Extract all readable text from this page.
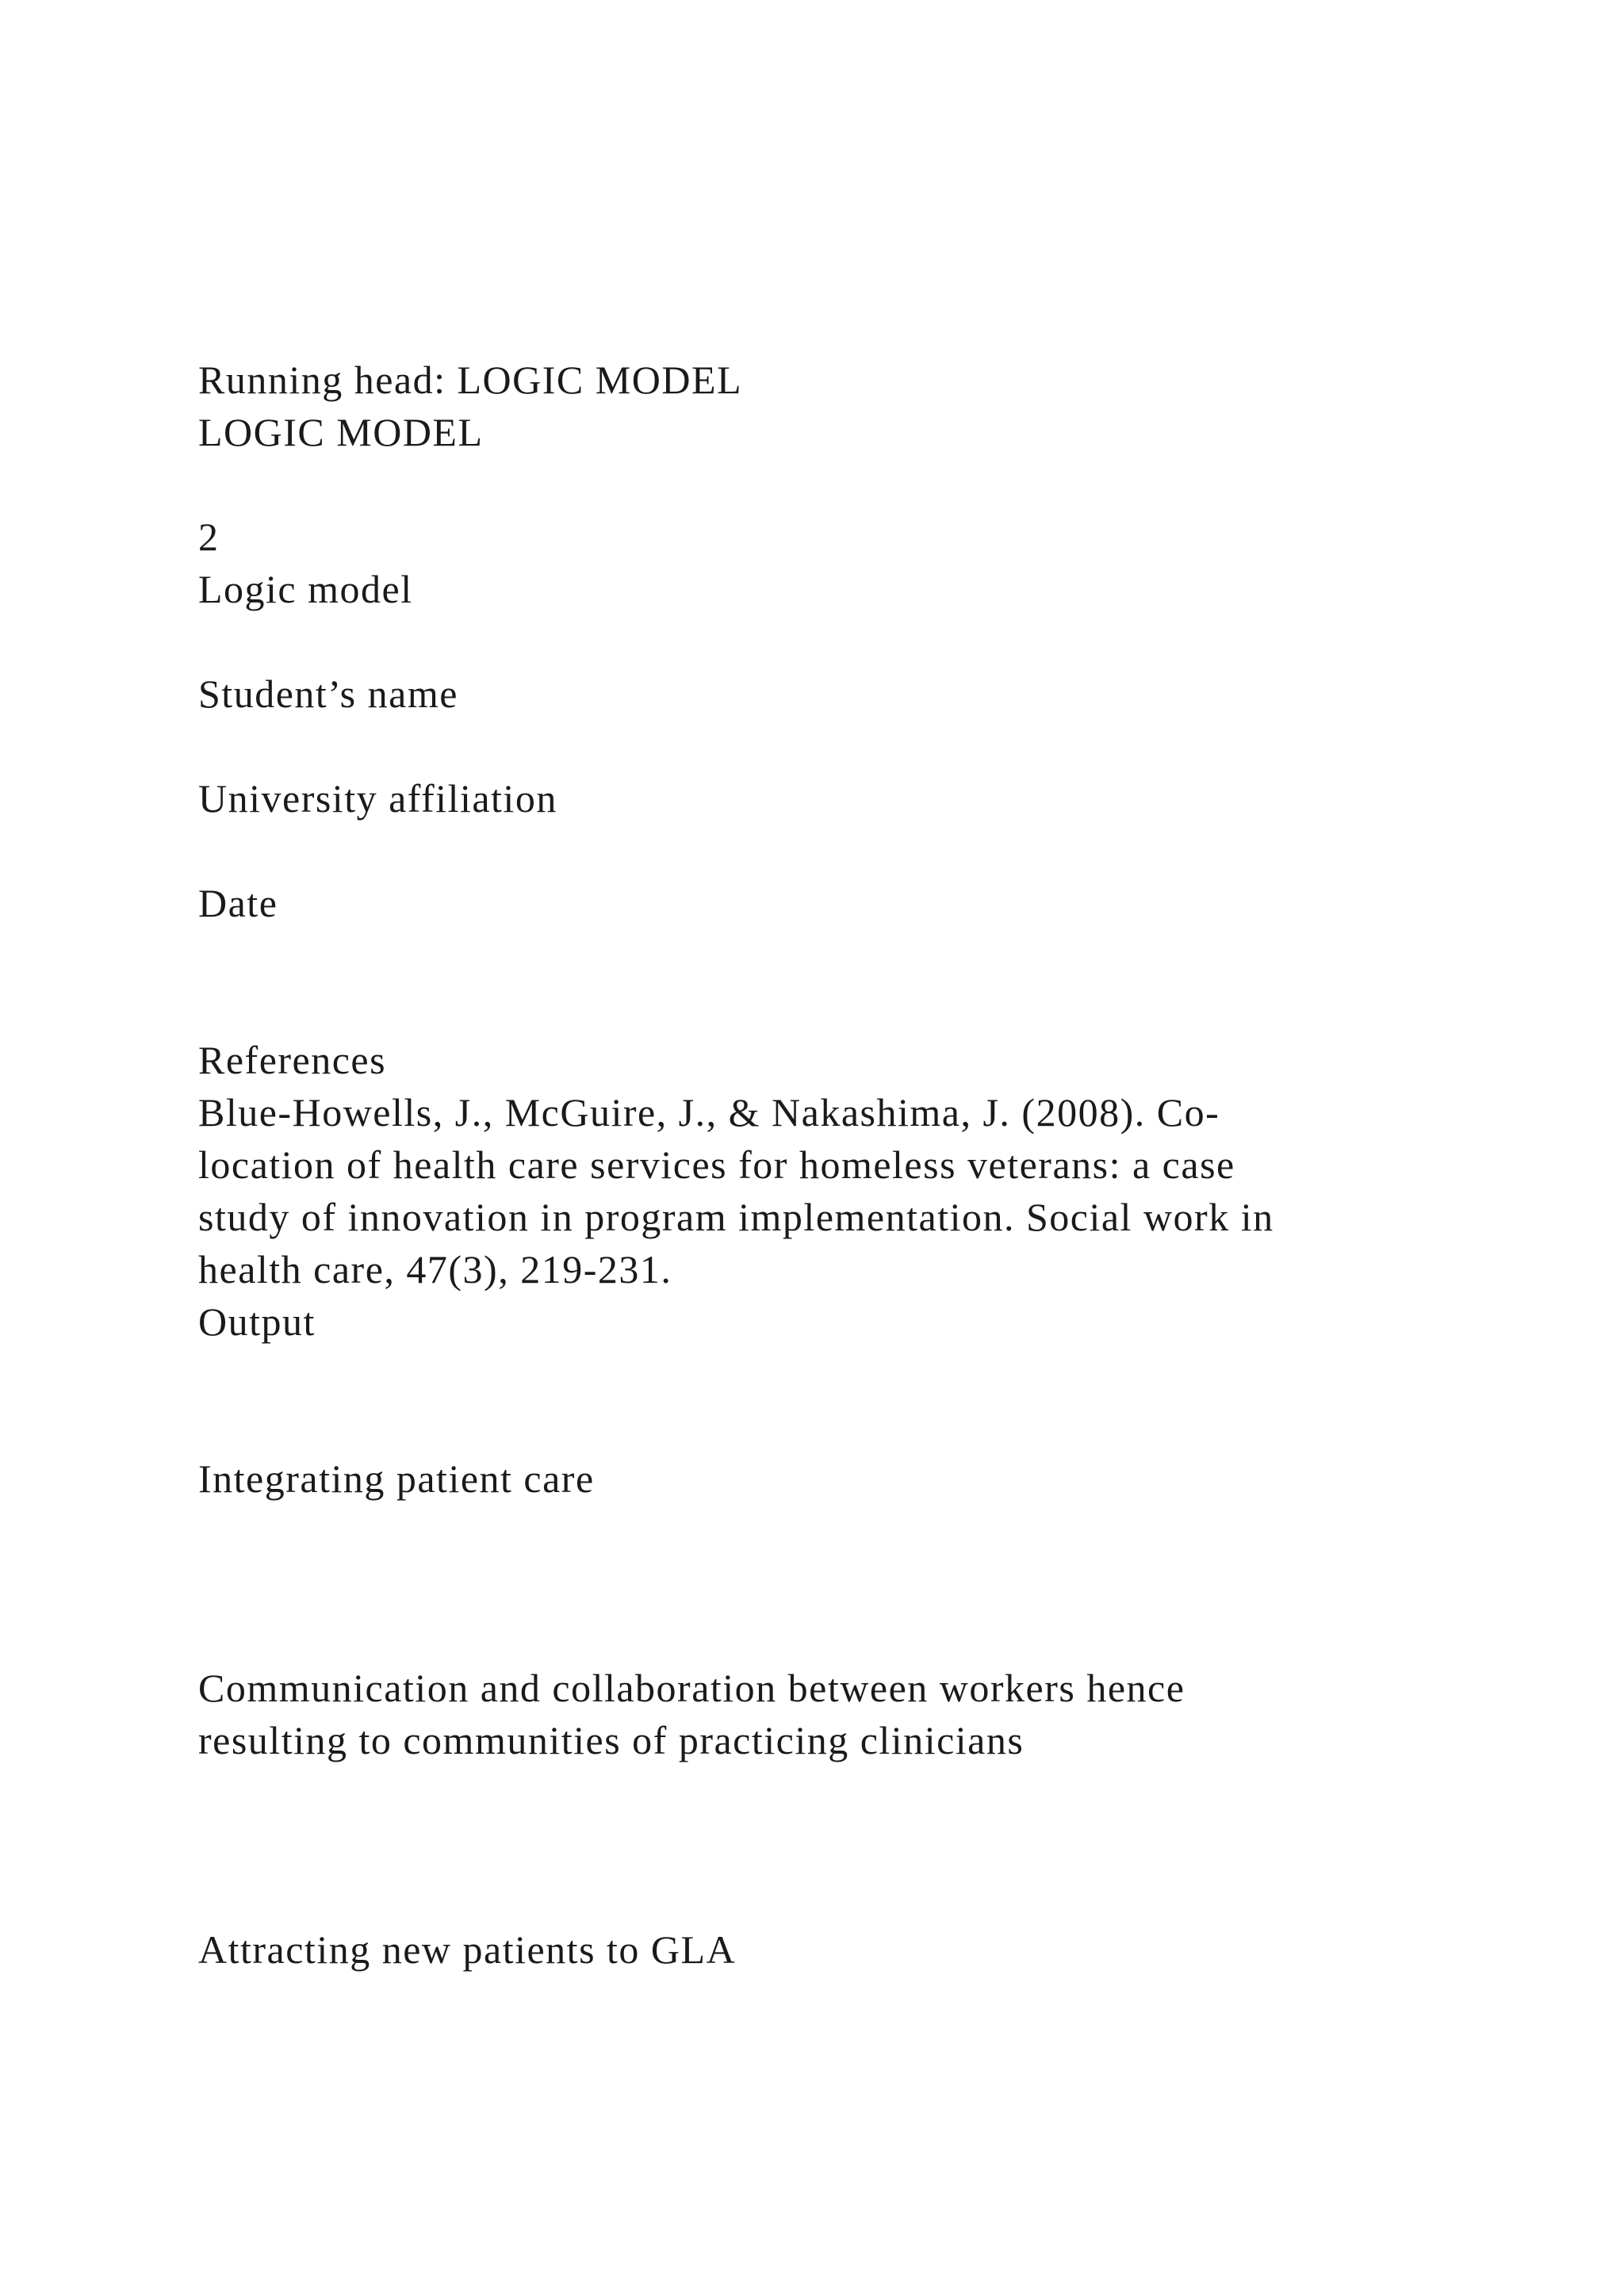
Running head: LOGIC MODEL

LOGIC MODEL

2

Logic model

Student’s name

University affiliation

Date

References

Blue-Howells, J., McGuire, J., & Nakashima, J. (2008). Co-

location of health care services for homeless veterans: a case

study of innovation in program implementation. Social work in

health care, 47(3), 219-231.

Output

Integrating patient care

Communication and collaboration between workers hence

resulting to communities of practicing clinicians

Attracting new patients to GLA
